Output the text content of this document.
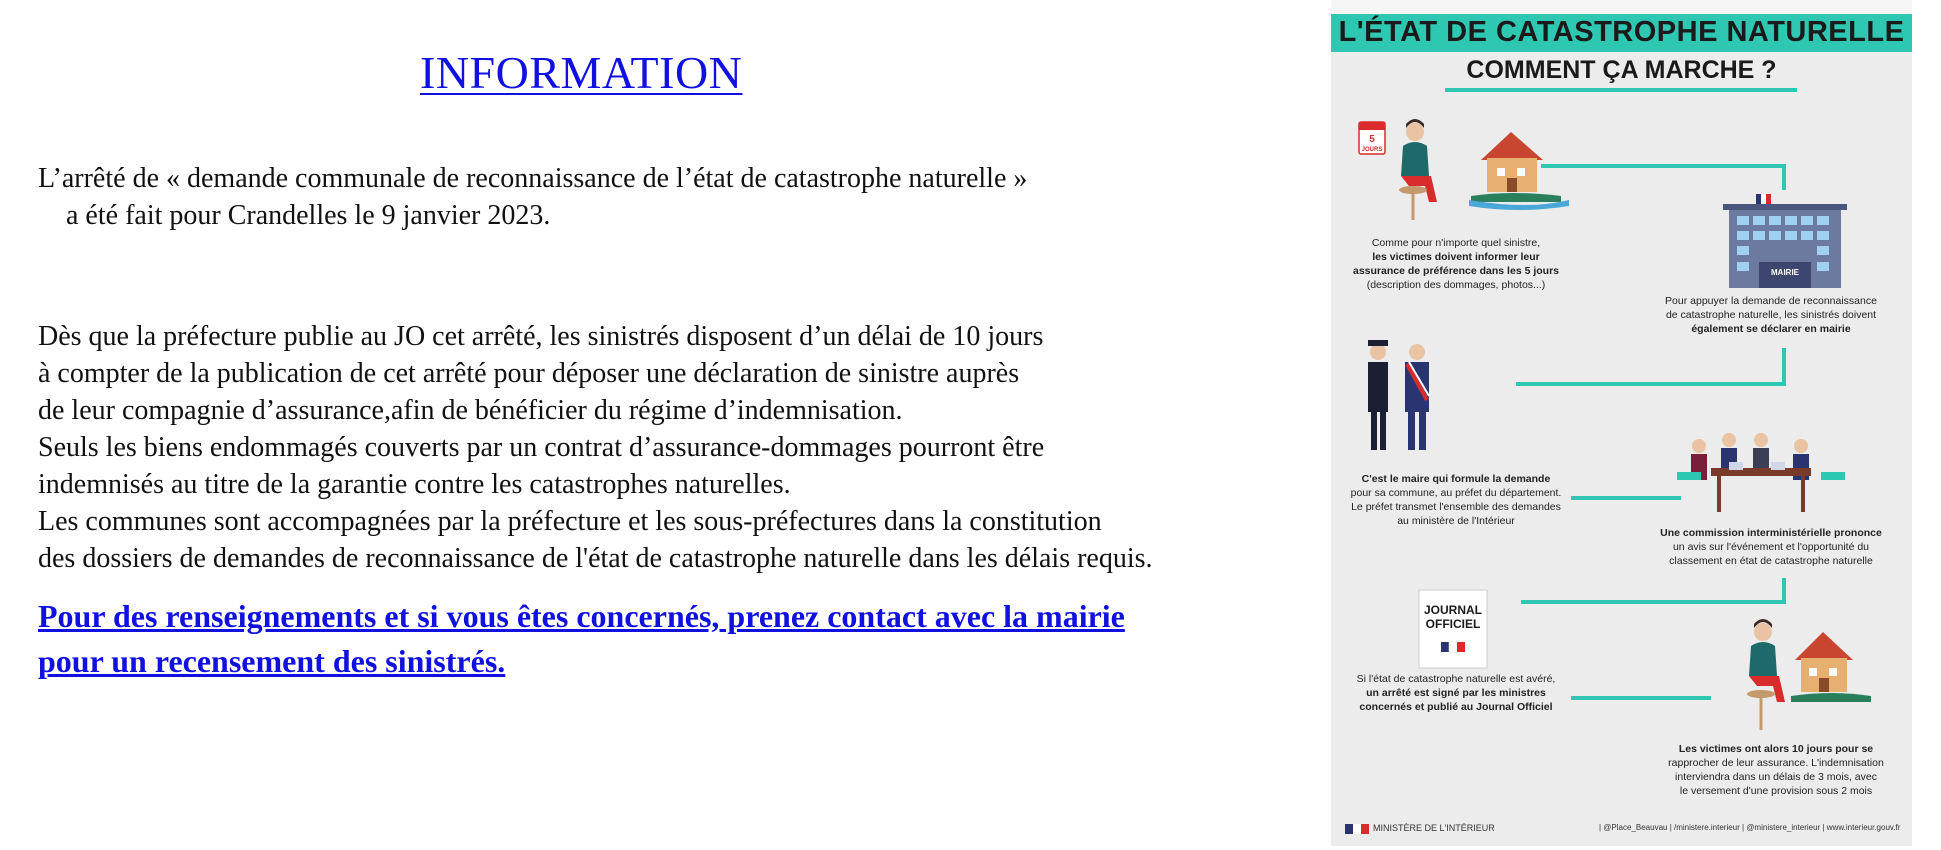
INFORMATION
L’arrêté de « demande communale de reconnaissance de l’état de catastrophe naturelle »
a été fait pour Crandelles le 9 janvier 2023.
Dès que la préfecture publie au JO cet arrêté, les sinistrés disposent d’un délai de 10 jours
à compter de la publication de cet arrêté pour déposer une déclaration de sinistre auprès
de leur compagnie d’assurance,afin de bénéficier du régime d’indemnisation.
Seuls les biens endommagés couverts par un contrat d’assurance-dommages pourront être
indemnisés au titre de la garantie contre les catastrophes naturelles.
Les communes sont accompagnées par la préfecture et les sous-préfectures dans la constitution
des dossiers de demandes de reconnaissance de l'état de catastrophe naturelle dans les délais requis.
Pour des renseignements et si vous êtes concernés, prenez contact avec la mairie
pour un recensement des sinistrés.
L'ÉTAT DE CATASTROPHE NATURELLE
COMMENT ÇA MARCHE ?
5
JOURS
MAIRIE
JOURNAL
OFFICIEL
Comme pour n'importe quel sinistre,
les victimes doivent informer leur
assurance de préférence dans les 5 jours
(description des dommages, photos...)
Pour appuyer la demande de reconnaissance
de catastrophe naturelle, les sinistrés doivent
également se déclarer en mairie
C'est le maire qui formule la demande
pour sa commune, au préfet du département.
Le préfet transmet l'ensemble des demandes
au ministère de l'Intérieur
Une commission interministérielle prononce
un avis sur l'événement et l'opportunité du
classement en état de catastrophe naturelle
Si l'état de catastrophe naturelle est avéré,
un arrêté est signé par les ministres
concernés et publié au Journal Officiel
Les victimes ont alors 10 jours pour se
rapprocher de leur assurance. L'indemnisation
interviendra dans un délais de 3 mois, avec
le versement d'une provision sous 2 mois
MINISTÈRE DE L'INTÉRIEUR	| @Place_Beauvau | /ministere.interieur | @ministere_interieur | www.interieur.gouv.fr
